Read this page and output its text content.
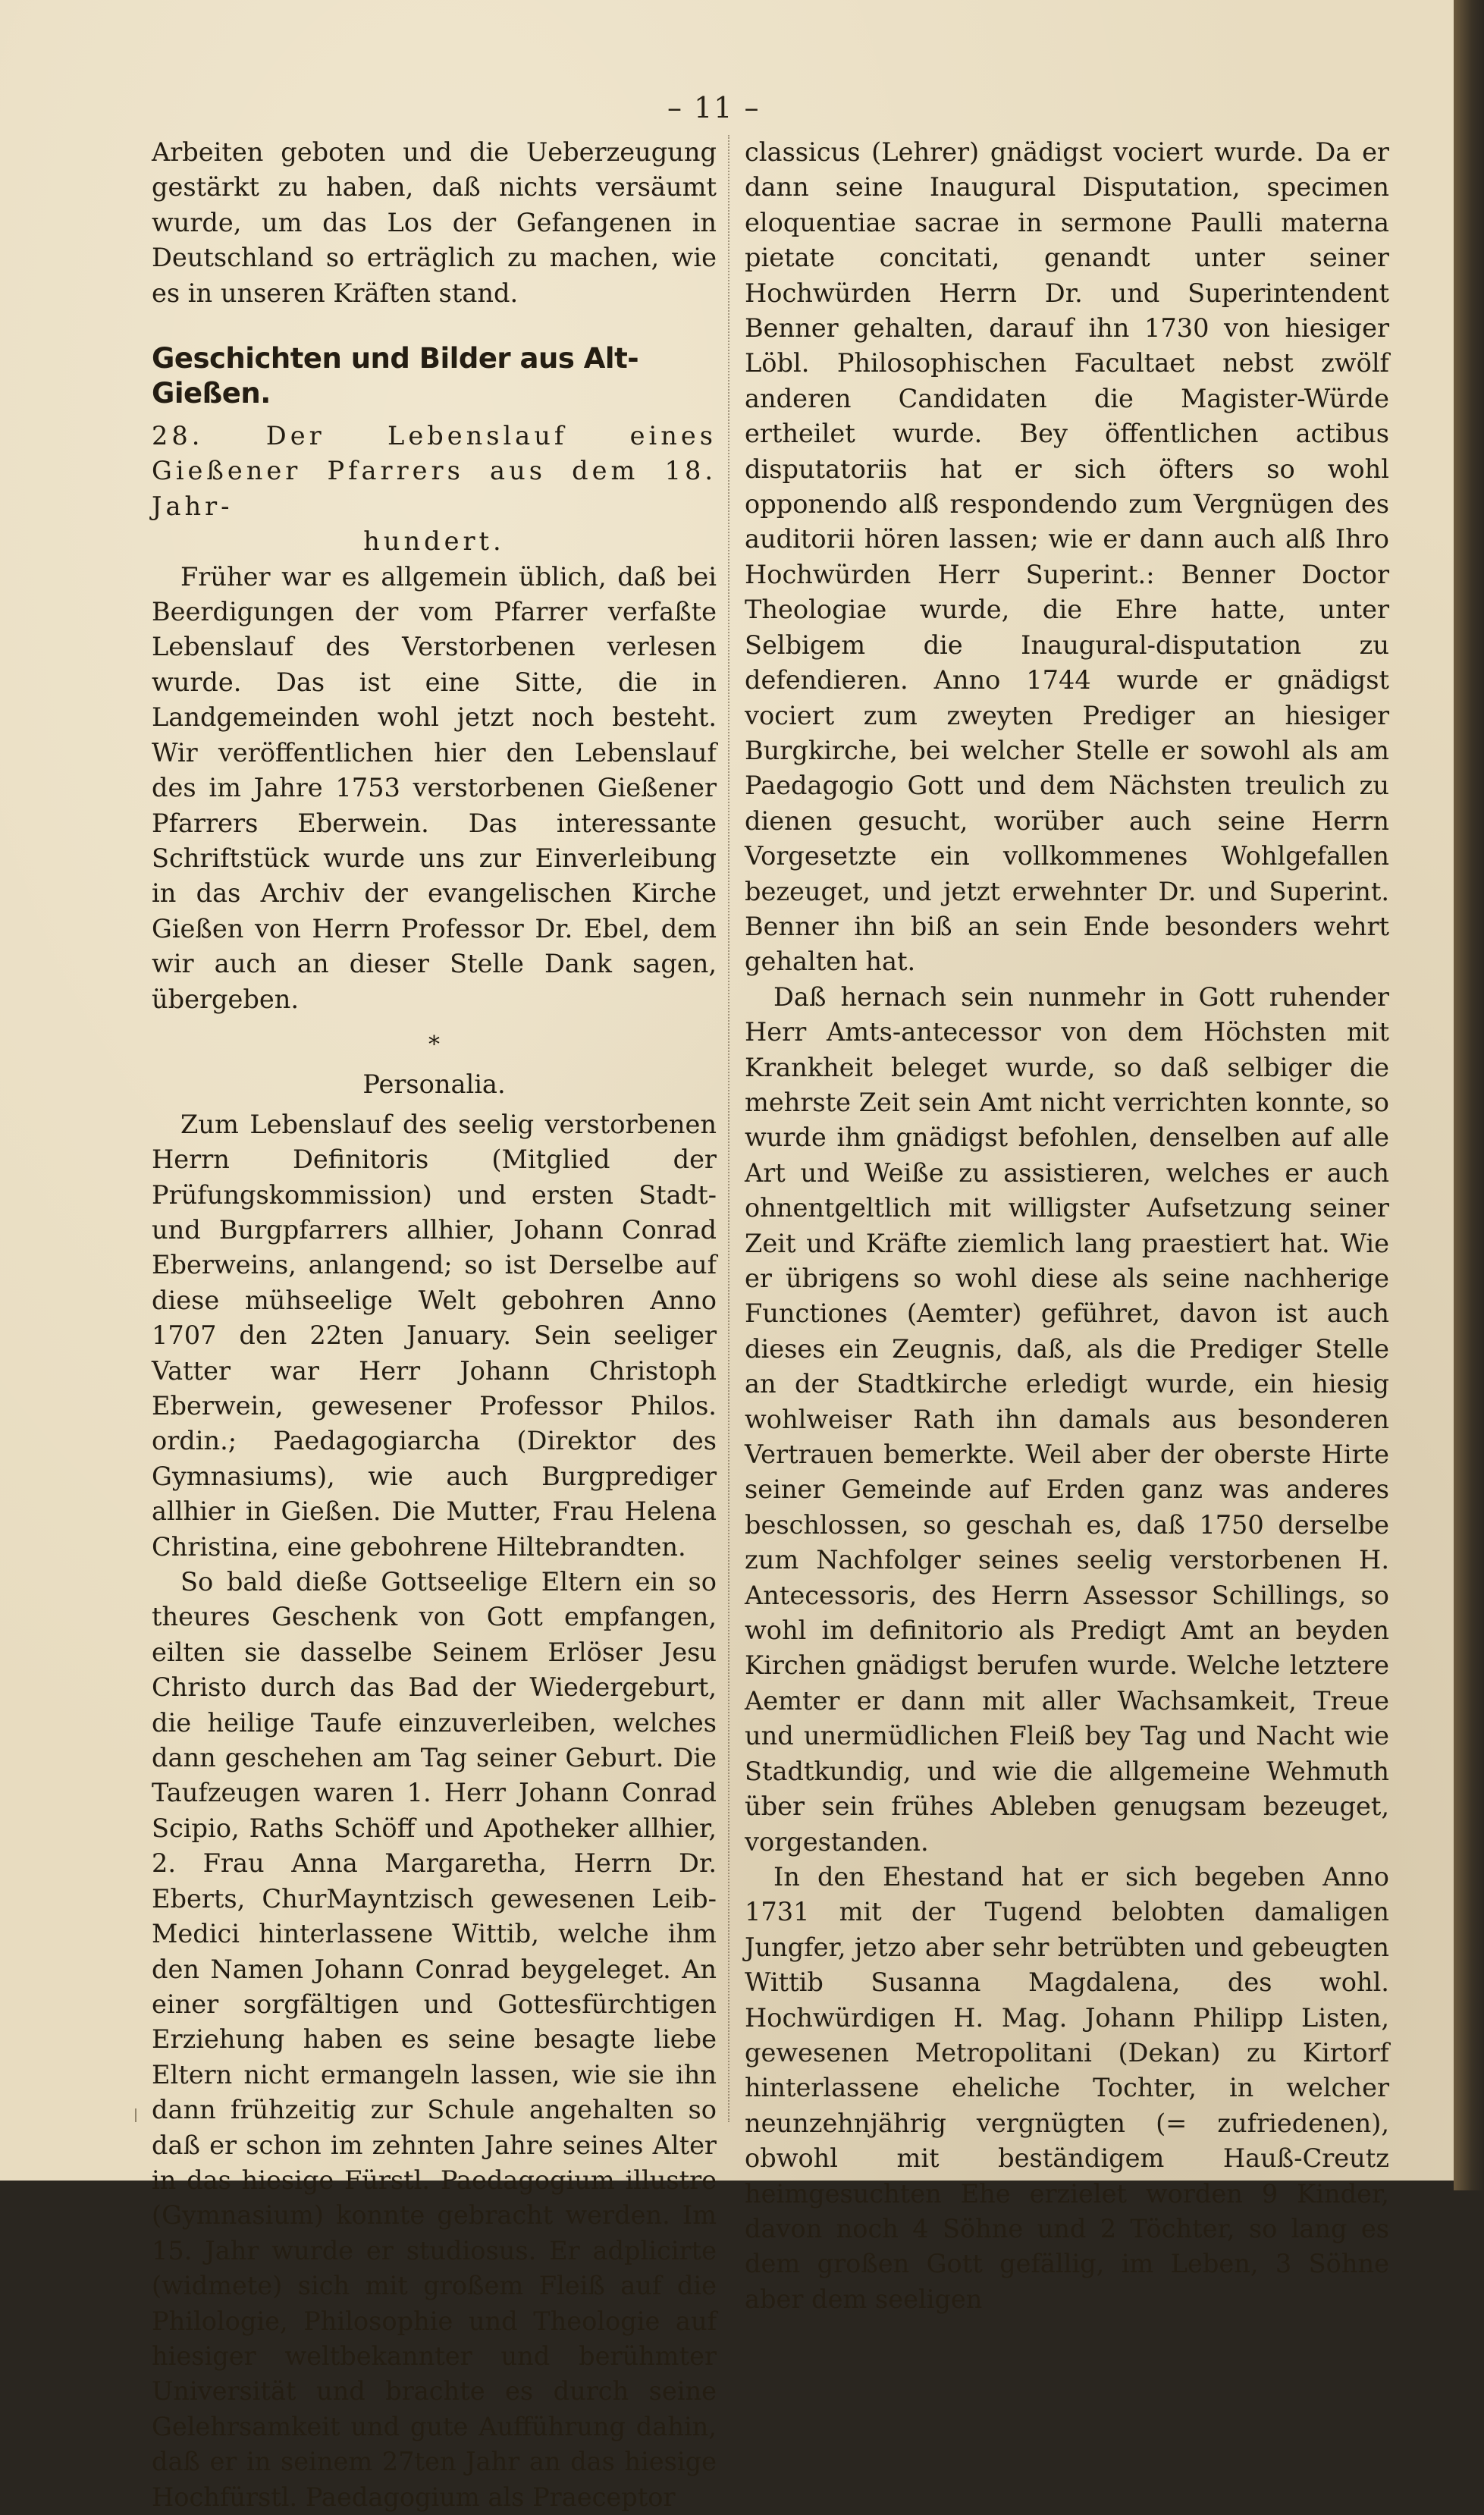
– 11 –

Arbeiten geboten und die Ueberzeugung gestärkt zu haben, daß nichts versäumt wurde, um das Los der Gefangenen in Deutschland so erträglich zu machen, wie es in unseren Kräften stand.

Geschichten und Bilder aus Alt-Gießen.
28. Der Lebenslauf eines Gießener Pfarrers aus dem 18. Jahr-
hundert.

Früher war es allgemein üblich, daß bei Beerdigungen der vom Pfarrer verfaßte Lebenslauf des Verstorbenen verlesen wurde. Das ist eine Sitte, die in Landgemeinden wohl jetzt noch besteht. Wir veröffentlichen hier den Lebenslauf des im Jahre 1753 verstorbenen Gießener Pfarrers Eberwein. Das interessante Schriftstück wurde uns zur Einverleibung in das Archiv der evangelischen Kirche Gießen von Herrn Professor Dr. Ebel, dem wir auch an dieser Stelle Dank sagen, übergeben.

*
Personalia.

Zum Lebenslauf des seelig verstorbenen Herrn Definitoris (Mitglied der Prüfungskommission) und ersten Stadt- und Burgpfarrers allhier, Johann Conrad Eberweins, anlangend; so ist Derselbe auf diese mühseelige Welt gebohren Anno 1707 den 22ten January. Sein seeliger Vatter war Herr Johann Christoph Eberwein, gewesener Professor Philos. ordin.; Paedagogiarcha (Direktor des Gymnasiums), wie auch Burgprediger allhier in Gießen. Die Mutter, Frau Helena Christina, eine gebohrene Hiltebrandten.

So bald dieße Gottseelige Eltern ein so theures Geschenk von Gott empfangen, eilten sie dasselbe Seinem Erlöser Jesu Christo durch das Bad der Wiedergeburt, die heilige Taufe einzuverleiben, welches dann geschehen am Tag seiner Geburt. Die Taufzeugen waren 1. Herr Johann Conrad Scipio, Raths Schöff und Apotheker allhier, 2. Frau Anna Margaretha, Herrn Dr. Eberts, ChurMayntzisch gewesenen Leib-Medici hinterlassene Wittib, welche ihm den Namen Johann Conrad beygeleget. An einer sorgfältigen und Gottesfürchtigen Erziehung haben es seine besagte liebe Eltern nicht ermangeln lassen, wie sie ihn dann frühzeitig zur Schule angehalten so daß er schon im zehnten Jahre seines Alter in das hiesige Fürstl. Paedagogium illustre (Gymnasium) konnte gebracht werden. Im 15. Jahr wurde er studiosus. Er adplicirte (widmete) sich mit großem Fleiß auf die Philologie, Philosophie und Theologie auf hiesiger weltbekannter und berühmter Universität und brachte es durch seine Gelehrsamkeit und gute Aufführung dahin, daß er in seinem 27ten Jahr an das hiesige Hochfürstl. Paedagogium als Praeceptor

classicus (Lehrer) gnädigst vociert wurde. Da er dann seine Inaugural Disputation, specimen eloquentiae sacrae in sermone Paulli materna pietate concitati, genandt unter seiner Hochwürden Herrn Dr. und Superintendent Benner gehalten, darauf ihn 1730 von hiesiger Löbl. Philosophischen Facultaet nebst zwölf anderen Candidaten die Magister-Würde ertheilet wurde. Bey öffentlichen actibus disputatoriis hat er sich öfters so wohl opponendo alß respondendo zum Vergnügen des auditorii hören lassen; wie er dann auch alß Ihro Hochwürden Herr Superint.: Benner Doctor Theologiae wurde, die Ehre hatte, unter Selbigem die Inaugural-disputation zu defendieren. Anno 1744 wurde er gnädigst vociert zum zweyten Prediger an hiesiger Burgkirche, bei welcher Stelle er sowohl als am Paedagogio Gott und dem Nächsten treulich zu dienen gesucht, worüber auch seine Herrn Vorgesetzte ein vollkommenes Wohlgefallen bezeuget, und jetzt erwehnter Dr. und Superint. Benner ihn biß an sein Ende besonders wehrt gehalten hat.

Daß hernach sein nunmehr in Gott ruhender Herr Amts-antecessor von dem Höchsten mit Krankheit beleget wurde, so daß selbiger die mehrste Zeit sein Amt nicht verrichten konnte, so wurde ihm gnädigst befohlen, denselben auf alle Art und Weiße zu assistieren, welches er auch ohnentgeltlich mit willigster Aufsetzung seiner Zeit und Kräfte ziemlich lang praestiert hat. Wie er übrigens so wohl diese als seine nachherige Functiones (Aemter) geführet, davon ist auch dieses ein Zeugnis, daß, als die Prediger Stelle an der Stadtkirche erledigt wurde, ein hiesig wohlweiser Rath ihn damals aus besonderen Vertrauen bemerkte. Weil aber der oberste Hirte seiner Gemeinde auf Erden ganz was anderes beschlossen, so geschah es, daß 1750 derselbe zum Nachfolger seines seelig verstorbenen H. Antecessoris, des Herrn Assessor Schillings, so wohl im definitorio als Predigt Amt an beyden Kirchen gnädigst berufen wurde. Welche letztere Aemter er dann mit aller Wachsamkeit, Treue und unermüdlichen Fleiß bey Tag und Nacht wie Stadtkundig, und wie die allgemeine Wehmuth über sein frühes Ableben genugsam bezeuget, vorgestanden.

In den Ehestand hat er sich begeben Anno 1731 mit der Tugend belobten damaligen Jungfer, jetzo aber sehr betrübten und gebeugten Wittib Susanna Magdalena, des wohl. Hochwürdigen H. Mag. Johann Philipp Listen, gewesenen Metropolitani (Dekan) zu Kirtorf hinterlassene eheliche Tochter, in welcher neunzehnjährig vergnügten (= zufriedenen), obwohl mit beständigem Hauß-Creutz heimgesuchten Ehe erzielet worden 9 Kinder, davon noch 4 Söhne und 2 Töchter, so lang es dem großen Gott gefällig, im Leben, 3 Söhne aber dem seeligen
